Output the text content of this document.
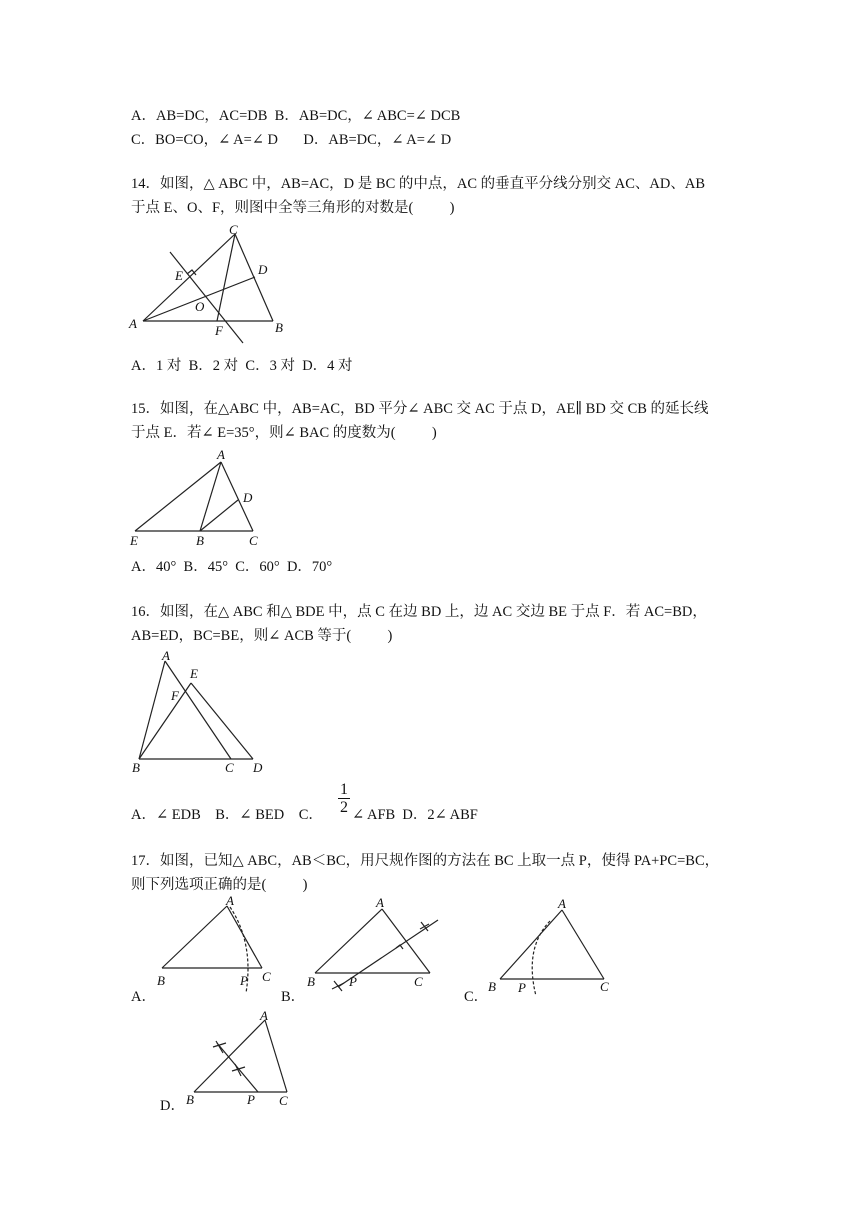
A．AB=DC，AC=DB  B．AB=DC，∠ ABC=∠ DCB
C．BO=CO，∠ A=∠ D       D．AB=DC，∠ A=∠ D
14．如图，△ ABC 中，AB=AC，D 是 BC 的中点，AC 的垂直平分线分别交 AC、AD、AB
于点 E、O、F，则图中全等三角形的对数是(          )
A	B
C
D
E
O
F
A．1 对  B．2 对  C．3 对  D．4 对
15．如图，在△ABC 中，AB=AC，BD 平分∠ ABC 交 AC 于点 D，AE∥ BD 交 CB 的延长线
于点 E．若∠ E=35°，则∠ BAC 的度数为(          )
A
B	C
D
E
A．40°  B．45°  C．60°  D．70°
16．如图，在△ ABC 和△ BDE 中，点 C 在边 BD 上，边 AC 交边 BE 于点 F．若 AC=BD，
AB=ED，BC=BE，则∠ ACB 等于(          )
A
B	C D
E
F
A．∠ EDB    B．∠ BED    C．
1
2 ∠ AFB  D．2∠ ABF
17．如图，已知△ ABC，AB＜BC，用尺规作图的方法在 BC 上取一点 P，使得 PA+PC=BC，
则下列选项正确的是(          )
A．
A
B	C
P
B．
A
B	C
P
C．
A
B	C
P
D．
A
B	C
P
